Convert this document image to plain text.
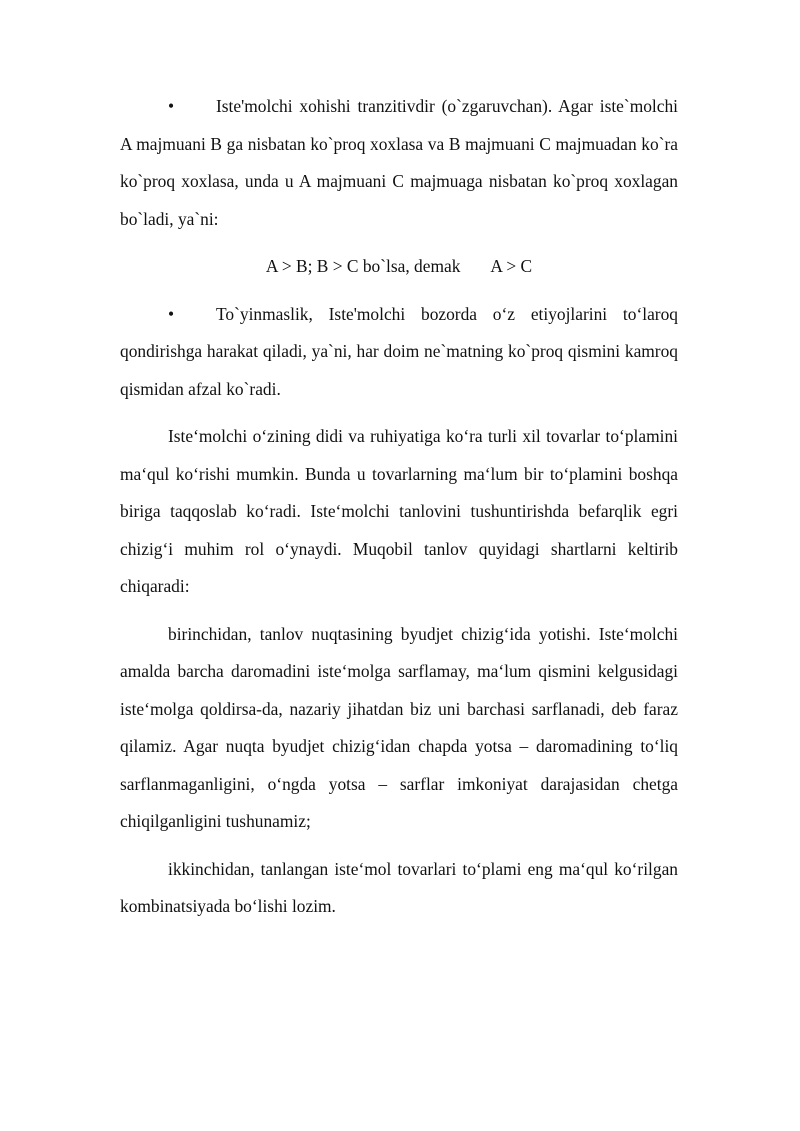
• Iste'molchi xohishi tranzitivdir (o`zgaruvchan). Agar iste`molchi A majmuani B ga nisbatan ko`proq xoxlasa va B majmuani C majmuadan ko`ra ko`proq xoxlasa, unda u A majmuani C majmuaga nisbatan ko`proq xoxlagan bo`ladi, ya`ni:

A > B; B > C bo`lsa, demak A > C

• To`yinmaslik, Iste'molchi bozorda o‘z etiyojlarini to‘laroq qondirishga harakat qiladi, ya`ni, har doim ne`matning ko`proq qismini kamroq qismidan afzal ko`radi.

Iste‘molchi o‘zining didi va ruhiyatiga ko‘ra turli xil tovarlar to‘plamini ma‘qul ko‘rishi mumkin. Bunda u tovarlarning ma‘lum bir to‘plamini boshqa biriga taqqoslab ko‘radi. Iste‘molchi tanlovini tushuntirishda befarqlik egri chizig‘i muhim rol o‘ynaydi. Muqobil tanlov quyidagi shartlarni keltirib chiqaradi:

birinchidan, tanlov nuqtasining byudjet chizig‘ida yotishi. Iste‘molchi amalda barcha daromadini iste‘molga sarflamay, ma‘lum qismini kelgusidagi iste‘molga qoldirsa-da, nazariy jihatdan biz uni barchasi sarflanadi, deb faraz qilamiz. Agar nuqta byudjet chizig‘idan chapda yotsa – daromadining to‘liq sarflanmaganligini, o‘ngda yotsa – sarflar imkoniyat darajasidan chetga chiqilganligini tushunamiz;

ikkinchidan, tanlangan iste‘mol tovarlari to‘plami eng ma‘qul ko‘rilgan kombinatsiyada bo‘lishi lozim.
